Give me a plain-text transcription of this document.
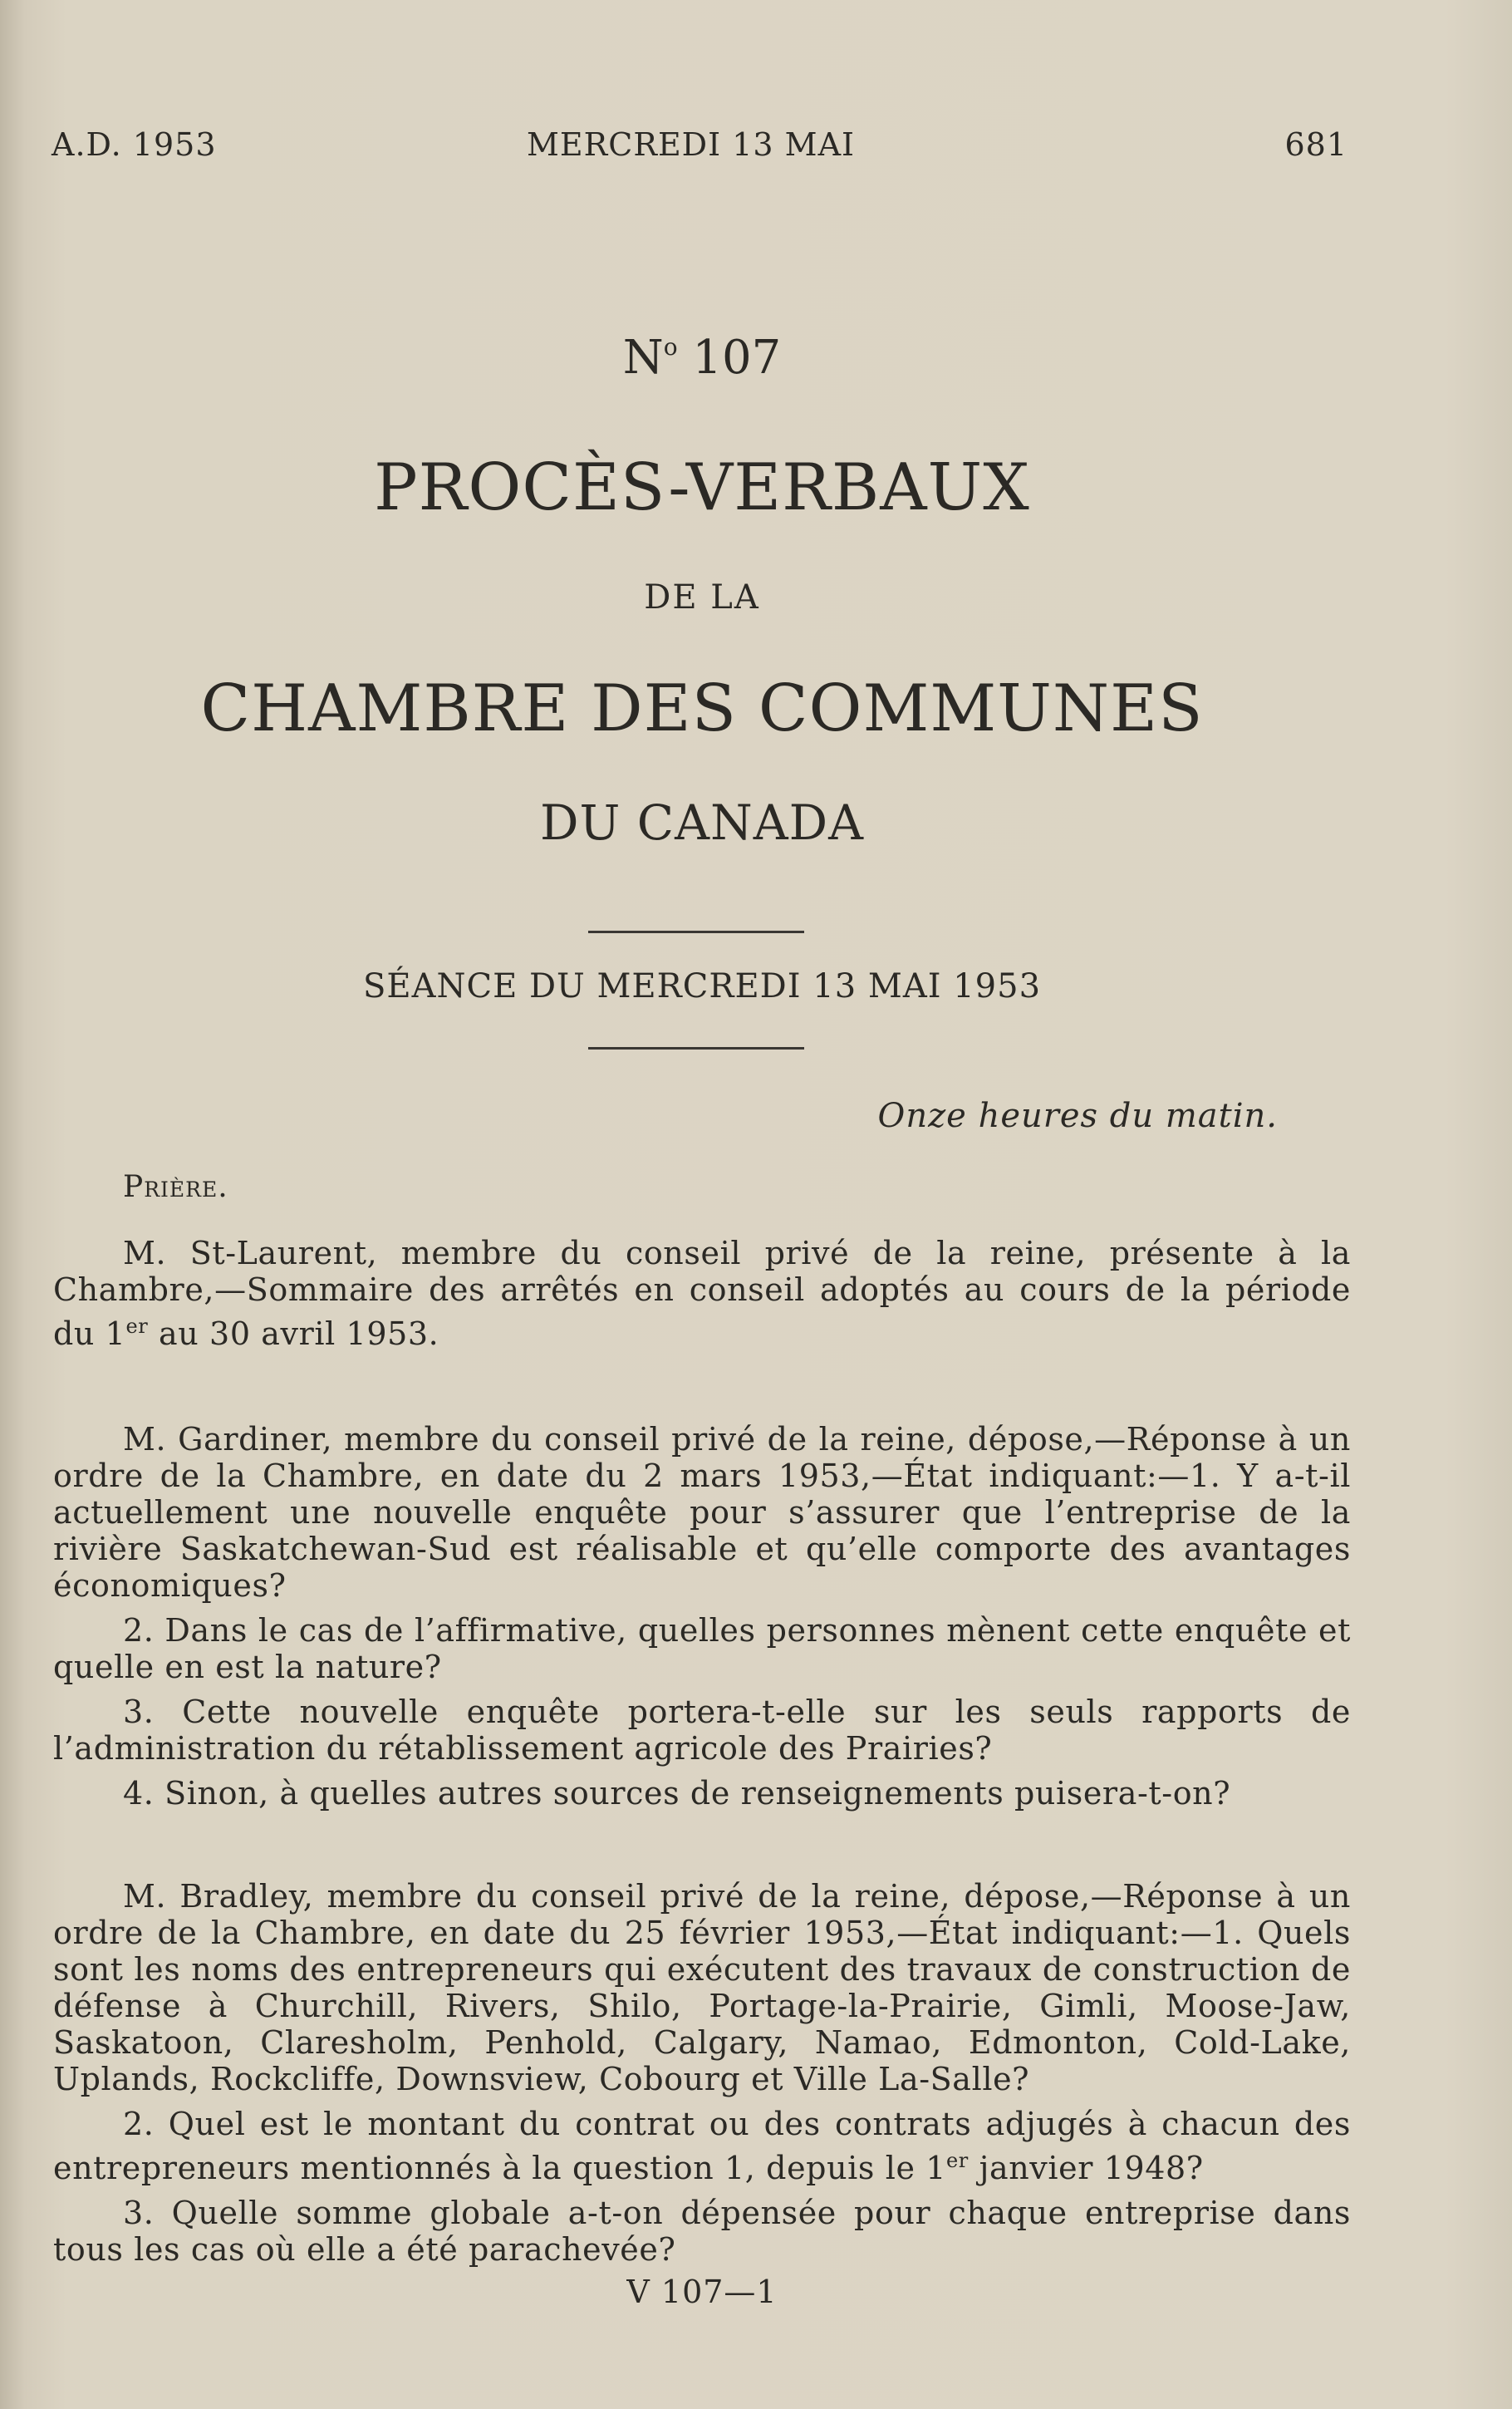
A.D. 1953	MERCREDI 13 MAI	681
$N^o$ 107
PROCÈS-VERBAUX
DE LA
CHAMBRE DES COMMUNES
DU CANADA
SÉANCE DU MERCREDI 13 MAI 1953
Onze heures du matin.
Prière.

M. St-Laurent, membre du conseil privé de la reine, présente à la Chambre,—Sommaire des arrêtés en conseil adoptés au cours de la période du 1er au 30 avril 1953.

M. Gardiner, membre du conseil privé de la reine, dépose,—Réponse à un ordre de la Chambre, en date du 2 mars 1953,—État indiquant:—1. Y a-t-il actuellement une nouvelle enquête pour s’assurer que l’entreprise de la rivière Saskatchewan-Sud est réalisable et qu’elle comporte des avantages économiques?

2. Dans le cas de l’affirmative, quelles personnes mènent cette enquête et quelle en est la nature?

3. Cette nouvelle enquête portera-t-elle sur les seuls rapports de l’administration du rétablissement agricole des Prairies?

4. Sinon, à quelles autres sources de renseignements puisera-t-on?

M. Bradley, membre du conseil privé de la reine, dépose,—Réponse à un ordre de la Chambre, en date du 25 février 1953,—État indiquant:—1. Quels sont les noms des entrepreneurs qui exécutent des travaux de construction de défense à Churchill, Rivers, Shilo, Portage-la-Prairie, Gimli, Moose-Jaw, Saskatoon, Claresholm, Penhold, Calgary, Namao, Edmonton, Cold-Lake, Uplands, Rockcliffe, Downsview, Cobourg et Ville La-Salle?

2. Quel est le montant du contrat ou des contrats adjugés à chacun des entrepreneurs mentionnés à la question 1, depuis le 1er janvier 1948?

3. Quelle somme globale a-t-on dépensée pour chaque entreprise dans tous les cas où elle a été parachevée?

V 107—1
